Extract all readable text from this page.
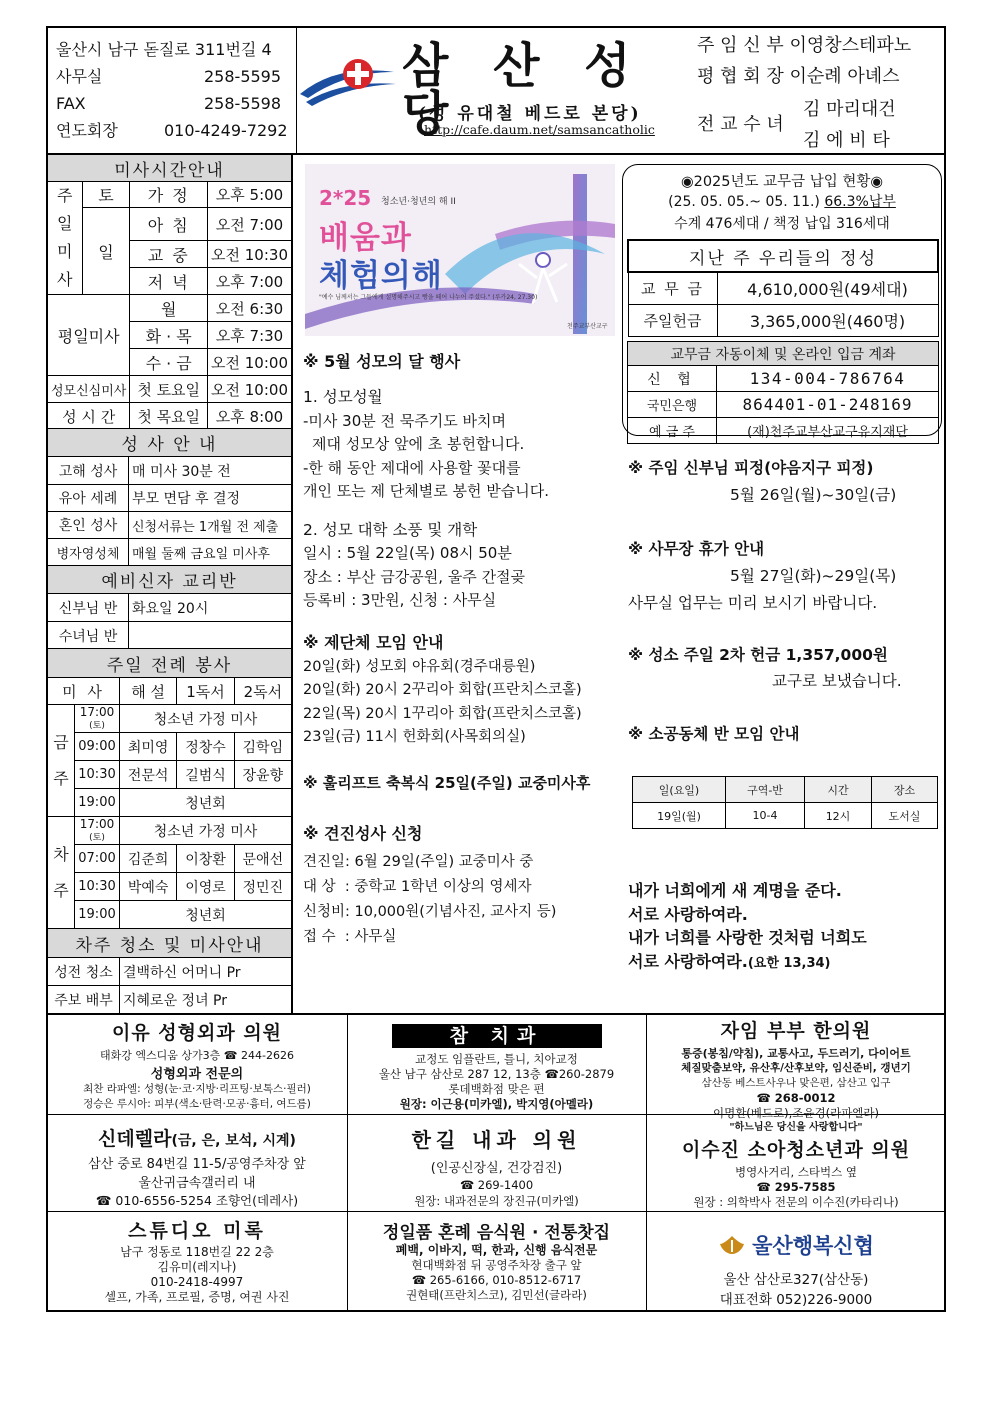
울산시 남구 돋질로 311번길 4
사무실	258-5595
FAX	258-5598
연도회장	010-4249-7292
삼 산 성 당
(성 유대철 베드로 본당)
http://cafe.daum.net/samsancatholic
주 임 신 부 이영창스테파노
평 협 회 장 이순례 아녜스
전 교 수 녀
김 마리대건
김 에 비 타
미사시간안내			
주
일
미
사	토	가 정	오후 5:00
	일	아 침	오전 7:00
		교 중	오전 10:30
		저 녁	오후 7:00
평일미사		월	오전 6:30
		화 · 목	오후 7:30
		수 · 금	오전 10:00
성모신심미사		첫 토요일	오전 10:00
성 시 간		첫 목요일	오후 8:00
성 사 안 내	
고해 성사	매 미사 30분 전
유아 세례	부모 면담 후 결정
혼인 성사	신청서류는 1개월 전 제출
병자영성체	매월 둘째 금요일 미사후
예비신자 교리반	
신부님 반	화요일 20시
수녀님 반	
주일 전례 봉사				
미 사		해 설	1독서	2독서
금
주	17:00
(토)	청소년 가정 미사		
	09:00	최미영	정창수	김학임
	10:30	전문석	길범식	장윤향
	19:00	청년회		
차
주	17:00
(토)	청소년 가정 미사		
	07:00	김준희	이창환	문애선
	10:30	박예숙	이영로	정민진
	19:00	청년회		
차주 청소 및 미사안내				
성전 청소		결백하신 어머니 Pr		
주보 배부		지혜로운 정녀 Pr		
2*25 청소년·청년의 해 II
배움과
체험의해
"예수 님께서는 그들에게 설명해주시고 빵을 떼어 나누어 주셨다." (루카24, 27.30)
천주교부산교구
※ 5월 성모의 달 행사
1. 성모성월
-미사 30분 전 묵주기도 바치며
제대 성모상 앞에 초 봉헌합니다.
-한 해 동안 제대에 사용할 꽃대를
개인 또는 제 단체별로 봉헌 받습니다.
2. 성모 대학 소풍 및 개학
일시 : 5월 22일(목) 08시 50분
장소 : 부산 금강공원, 울주 간절곶
등록비 : 3만원, 신청 : 사무실
※ 제단체 모임 안내
20일(화) 성모회 야유회(경주대릉원)
20일(화) 20시 2꾸리아 회합(프란치스코홀)
22일(목) 20시 1꾸리아 회합(프란치스코홀)
23일(금) 11시 헌화회(사목회의실)
※ 훌리프트 축복식 25일(주일) 교중미사후
※ 견진성사 신청
견진일: 6월 29일(주일) 교중미사 중
대 상 : 중학교 1학년 이상의 영세자
신청비: 10,000원(기념사진, 교사지 등)
접 수 : 사무실
◉2025년도 교무금 납입 현황◉
(25. 05. 05.~ 05. 11.) 66.3%납부
수계 476세대 / 책정 납입 316세대
지난 주 우리들의 정성	
교 무 금	4,610,000원(49세대)
주일헌금	3,365,000원(460명)
교무금 자동이체 및 온라인 입금 계좌	
신 협	134-004-786764
국민은행	864401-01-248169
예 금 주	(재)천주교부산교구유지재단
※ 주임 신부님 피정(야음지구 피정)
5월 26일(월)~30일(금)
※ 사무장 휴가 안내
5월 27일(화)~29일(목)
사무실 업무는 미리 보시기 바랍니다.
※ 성소 주일 2차 헌금 1,357,000원
교구로 보냈습니다.
※ 소공동체 반 모임 안내
일(요일)	구역-반	시간	장소
19일(월)	10-4	12시	도서실
내가 너희에게 새 계명을 준다.
서로 사랑하여라.
내가 너희를 사랑한 것처럼 너희도
서로 사랑하여라.(요한 13,34)
이유 성형외과 의원
태화강 엑스디움 상가3층 ☎ 244-2626
성형외과 전문의
최찬 라파엘: 성형(눈·코·지방·리프팅·보톡스·필러)
정승은 루시아: 피부(색소·탄력·모공·흉터, 여드름)
참 치과
교정도 임플란트, 틀니, 치아교정
울산 남구 삼산로 287 12, 13층 ☎260-2879
롯데백화점 맞은 편
원장: 이근용(미카엘), 박지영(아멜라)
자임 부부 한의원
통증(봉침/약침), 교통사고, 두드러기, 다이어트
체질맞춤보약, 유산후/산후보약, 임신준비, 갱년기
삼산동 베스트사우나 맞은편, 삼산고 입구
☎ 268-0012
이명환(베드로),조윤경(라파엘라)
신데렐라(금, 은, 보석, 시계)
삼산 중로 84번길 11-5/공영주차장 앞
울산귀금속갤러리 내
☎ 010-6556-5254 조향언(데레사)
한길 내과 의원
(인공신장실, 건강검진)
☎ 269-1400
원장: 내과전문의 장진규(미카엘)
"하느님은 당신을 사랑합니다"
이수진 소아청소년과 의원
병영사거리, 스타벅스 옆
☎ 295-7585
원장 : 의학박사 전문의 이수진(카타리나)
스튜디오 미록
남구 정동로 118번길 22 2층
김유미(레지나)
010-2418-4997
셀프, 가족, 프로필, 증명, 여권 사진
정일품 혼례 음식원 · 전통찻집
폐백, 이바지, 떡, 한과, 신행 음식전문
현대백화점 뒤 공영주차장 출구 앞
☎ 265-6166, 010-8512-6717
권현태(프란치스코), 김민선(글라라)
울산행복신협
울산 삼산로327(삼산동)
대표전화 052)226-9000
